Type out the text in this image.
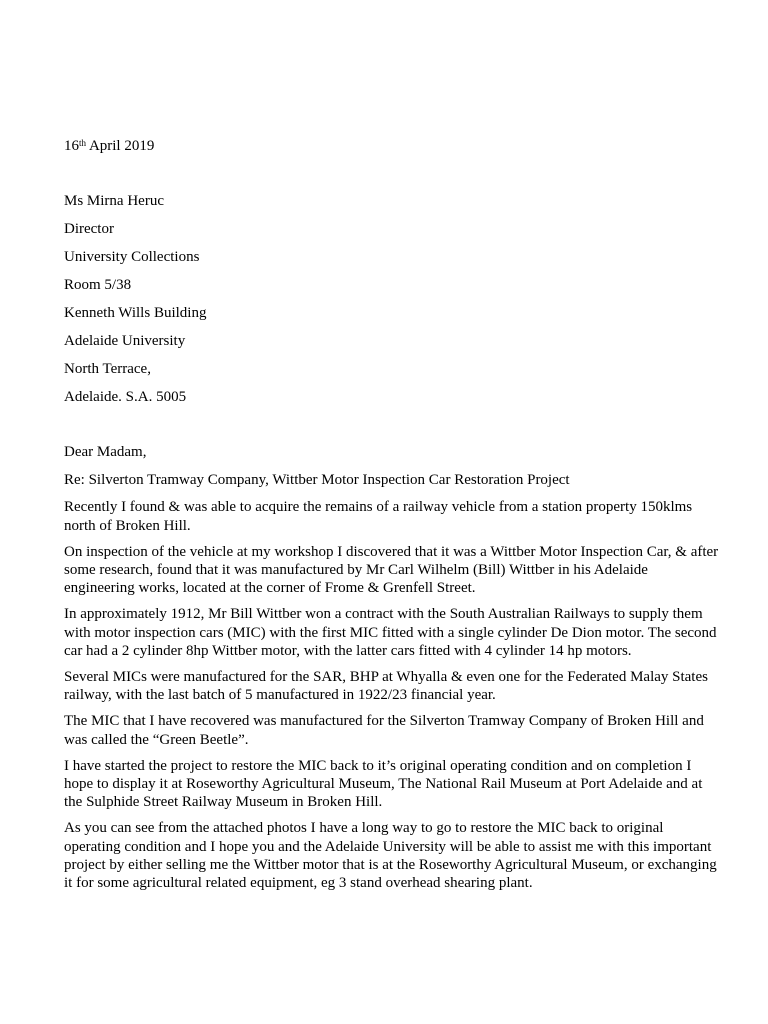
16th April 2019
Ms Mirna Heruc
Director
University Collections
Room 5/38
Kenneth Wills Building
Adelaide University
North Terrace,
Adelaide. S.A. 5005

Dear Madam,

Re: Silverton Tramway Company, Wittber Motor Inspection Car Restoration Project

Recently I found & was able to acquire the remains of a railway vehicle from a station property 150klms north of Broken Hill.

On inspection of the vehicle at my workshop I discovered that it was a Wittber Motor Inspection Car, & after some research, found that it was manufactured by Mr Carl Wilhelm (Bill) Wittber in his Adelaide engineering works, located at the corner of Frome & Grenfell Street.

In approximately 1912, Mr Bill Wittber won a contract with the South Australian Railways to supply them with motor inspection cars (MIC) with the first MIC fitted with a single cylinder De Dion motor. The second car had a 2 cylinder 8hp Wittber motor, with the latter cars fitted with 4 cylinder 14 hp motors.

Several MICs were manufactured for the SAR, BHP at Whyalla & even one for the Federated Malay States railway, with the last batch of 5 manufactured in 1922/23 financial year.

The MIC that I have recovered was manufactured for the Silverton Tramway Company of Broken Hill and was called the “Green Beetle”.

I have started the project to restore the MIC back to it’s original operating condition and on completion I hope to display it at Roseworthy Agricultural Museum, The National Rail Museum at Port Adelaide and at the Sulphide Street Railway Museum in Broken Hill.

As you can see from the attached photos I have a long way to go to restore the MIC back to original operating condition and I hope you and the Adelaide University will be able to assist me with this important project by either selling me the Wittber motor that is at the Roseworthy Agricultural Museum, or exchanging it for some agricultural related equipment, eg 3 stand overhead shearing plant.
